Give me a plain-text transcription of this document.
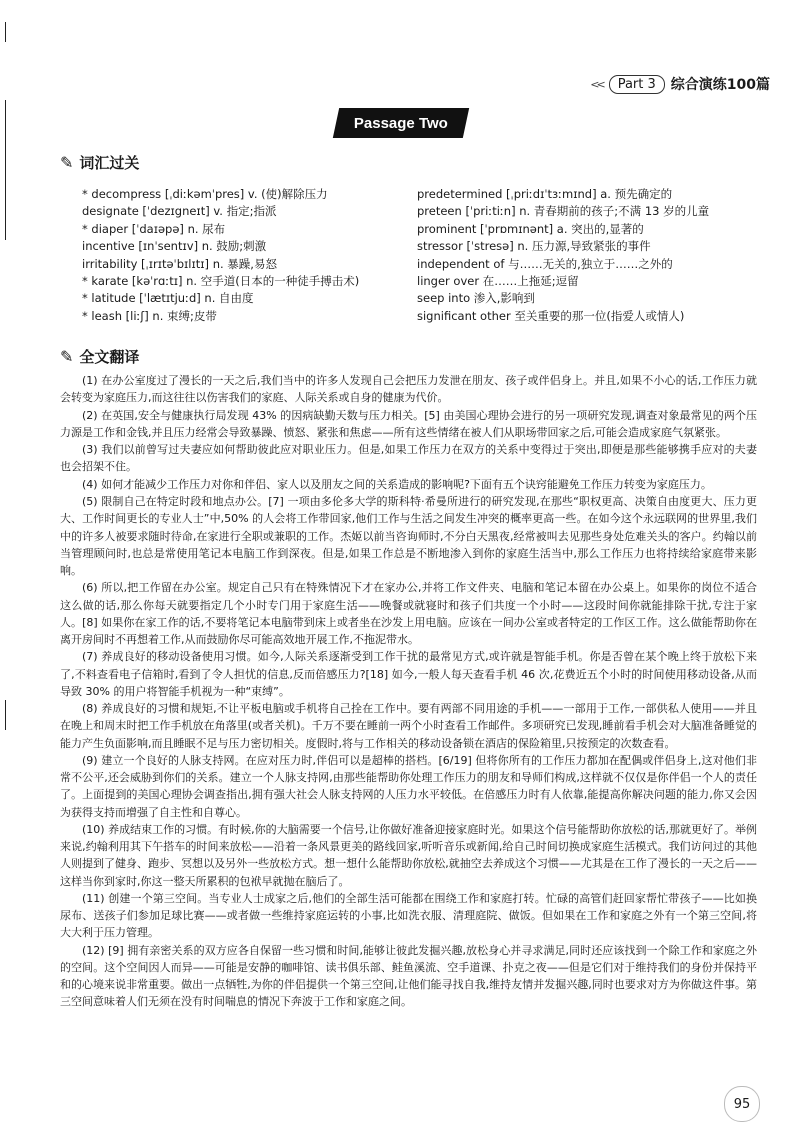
<<	Part 3	综合演练100篇
Passage Two
✎ 词汇过关
* decompress [ˌdiːkəmˈpres] v. (使)解除压力	predetermined [ˌpriːdɪˈtɜːmɪnd] a. 预先确定的
designate [ˈdezɪgneɪt] v. 指定;指派	preteen [ˈpriːtiːn] n. 青春期前的孩子;不满 13 岁的儿童
* diaper [ˈdaɪəpə] n. 尿布	prominent [ˈprɒmɪnənt] a. 突出的,显著的
incentive [ɪnˈsentɪv] n. 鼓励;刺激	stressor [ˈstresə] n. 压力源,导致紧张的事件
irritability [ˌɪrɪtəˈbɪlɪtɪ] n. 暴躁,易怒	independent of 与……无关的,独立于……之外的
* karate [kəˈrɑːtɪ] n. 空手道(日本的一种徒手搏击术)	linger over 在……上拖延;逗留
* latitude [ˈlætɪtjuːd] n. 自由度	seep into 渗入,影响到
* leash [liːʃ] n. 束缚;皮带	significant other 至关重要的那一位(指爱人或情人)
✎ 全文翻译

(1) 在办公室度过了漫长的一天之后,我们当中的许多人发现自己会把压力发泄在朋友、孩子或伴侣身上。并且,如果不小心的话,工作压力就会转变为家庭压力,而这往往以伤害我们的家庭、人际关系或自身的健康为代价。

(2) 在英国,安全与健康执行局发现 43% 的因病缺勤天数与压力相关。[5] 由美国心理协会进行的另一项研究发现,调查对象最常见的两个压力源是工作和金钱,并且压力经常会导致暴躁、愤怒、紧张和焦虑——所有这些情绪在被人们从职场带回家之后,可能会造成家庭气氛紧张。

(3) 我们以前曾写过夫妻应如何帮助彼此应对职业压力。但是,如果工作压力在双方的关系中变得过于突出,即便是那些能够携手应对的夫妻也会招架不住。

(4) 如何才能减少工作压力对你和伴侣、家人以及朋友之间的关系造成的影响呢?下面有五个诀窍能避免工作压力转变为家庭压力。

(5) 限制自己在特定时段和地点办公。[7] 一项由多伦多大学的斯科特·希曼所进行的研究发现,在那些“职权更高、决策自由度更大、压力更大、工作时间更长的专业人士”中,50% 的人会将工作带回家,他们工作与生活之间发生冲突的概率更高一些。在如今这个永远联网的世界里,我们中的许多人被要求随时待命,在家进行全职或兼职的工作。杰姬以前当咨询师时,不分白天黑夜,经常被叫去见那些身处危难关头的客户。约翰以前当管理顾问时,也总是常使用笔记本电脑工作到深夜。但是,如果工作总是不断地渗入到你的家庭生活当中,那么工作压力也将持续给家庭带来影响。

(6) 所以,把工作留在办公室。规定自己只有在特殊情况下才在家办公,并将工作文件夹、电脑和笔记本留在办公桌上。如果你的岗位不适合这么做的话,那么你每天就要指定几个小时专门用于家庭生活——晚餐或就寝时和孩子们共度一个小时——这段时间你就能排除干扰,专注于家人。[8] 如果你在家工作的话,不要将笔记本电脑带到床上或者坐在沙发上用电脑。应该在一间办公室或者特定的工作区工作。这么做能帮助你在离开房间时不再想着工作,从而鼓励你尽可能高效地开展工作,不拖泥带水。

(7) 养成良好的移动设备使用习惯。如今,人际关系逐渐受到工作干扰的最常见方式,或许就是智能手机。你是否曾在某个晚上终于放松下来了,不料查看电子信箱时,看到了令人担忧的信息,反而倍感压力?[18] 如今,一般人每天查看手机 46 次,花费近五个小时的时间使用移动设备,从而导致 30% 的用户将智能手机视为一种“束缚”。

(8) 养成良好的习惯和规矩,不让平板电脑或手机将自己拴在工作中。要有两部不同用途的手机——一部用于工作,一部供私人使用——并且在晚上和周末时把工作手机放在角落里(或者关机)。千万不要在睡前一两个小时查看工作邮件。多项研究已发现,睡前看手机会对大脑准备睡觉的能力产生负面影响,而且睡眠不足与压力密切相关。度假时,将与工作相关的移动设备锁在酒店的保险箱里,只按预定的次数查看。

(9) 建立一个良好的人脉支持网。在应对压力时,伴侣可以是超棒的搭档。[6/19] 但将你所有的工作压力都加在配偶或伴侣身上,这对他们非常不公平,还会威胁到你们的关系。建立一个人脉支持网,由那些能帮助你处理工作压力的朋友和导师们构成,这样就不仅仅是你伴侣一个人的责任了。上面提到的美国心理协会调查指出,拥有强大社会人脉支持网的人压力水平较低。在倍感压力时有人依靠,能提高你解决问题的能力,你又会因为获得支持而增强了自主性和自尊心。

(10) 养成结束工作的习惯。有时候,你的大脑需要一个信号,让你做好准备迎接家庭时光。如果这个信号能帮助你放松的话,那就更好了。举例来说,约翰利用其下午搭车的时间来放松——沿着一条风景更美的路线回家,听听音乐或新闻,给自己时间切换成家庭生活模式。我们访问过的其他人则提到了健身、跑步、冥想以及另外一些放松方式。想一想什么能帮助你放松,就抽空去养成这个习惯——尤其是在工作了漫长的一天之后——这样当你到家时,你这一整天所累积的包袱早就抛在脑后了。

(11) 创建一个第三空间。当专业人士成家之后,他们的全部生活可能都在围绕工作和家庭打转。忙碌的高管们赶回家帮忙带孩子——比如换尿布、送孩子们参加足球比赛——或者做一些维持家庭运转的小事,比如洗衣服、清理庭院、做饭。但如果在工作和家庭之外有一个第三空间,将大大利于压力管理。

(12) [9] 拥有亲密关系的双方应各自保留一些习惯和时间,能够让彼此发掘兴趣,放松身心并寻求满足,同时还应该找到一个除工作和家庭之外的空间。这个空间因人而异——可能是安静的咖啡馆、读书俱乐部、鲑鱼溪流、空手道课、扑克之夜——但是它们对于维持我们的身份并保持平和的心境来说非常重要。做出一点牺牲,为你的伴侣提供一个第三空间,让他们能寻找自我,维持友情并发掘兴趣,同时也要求对方为你做这件事。第三空间意味着人们无须在没有时间喘息的情况下奔波于工作和家庭之间。

95
